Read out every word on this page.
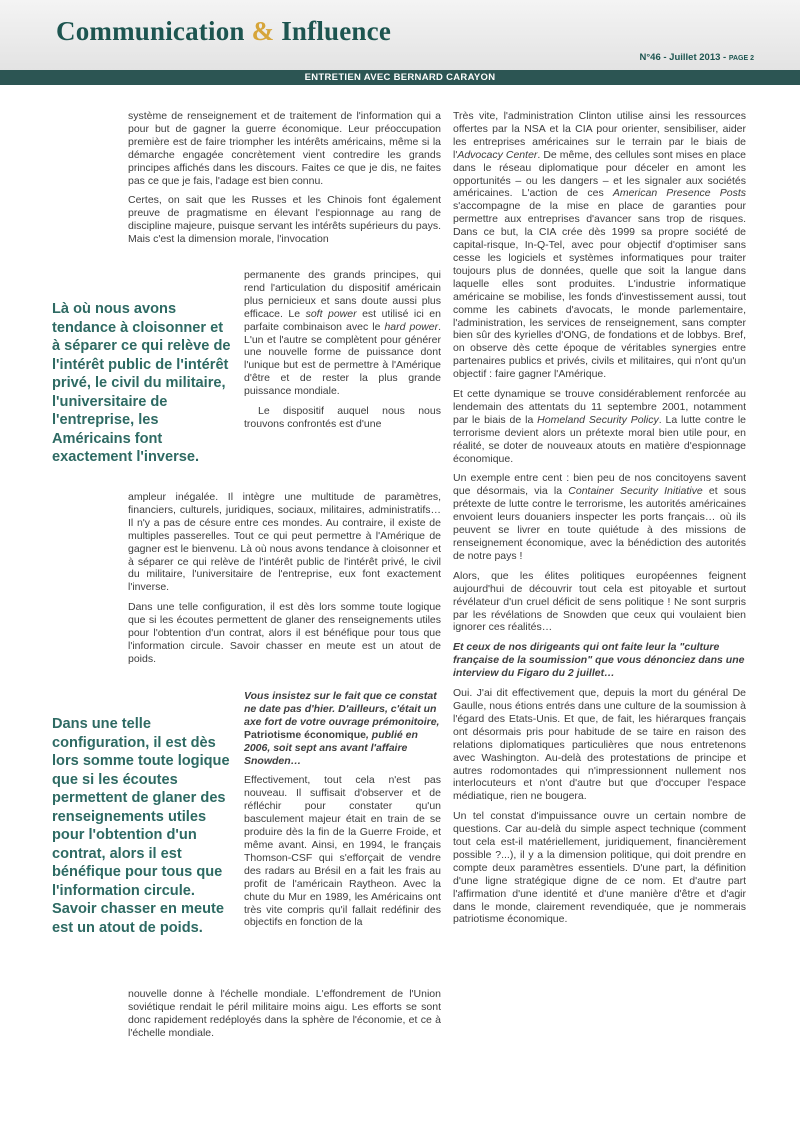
Communication & Influence
N°46 - Juillet 2013 - PAGE 2
ENTRETIEN AVEC BERNARD CARAYON

Là où nous avons tendance à cloisonner et à séparer ce qui relève de l'intérêt public de l'intérêt privé, le civil du militaire, l'universitaire de l'entreprise, les Américains font exactement l'inverse.

Dans une telle configuration, il est dès lors somme toute logique que si les écoutes permettent de glaner des renseignements utiles pour l'obtention d'un contrat, alors il est bénéfique pour tous que l'information circule. Savoir chasser en meute est un atout de poids.

système de renseignement et de traitement de l'information qui a pour but de gagner la guerre économique. Leur préoccupation première est de faire triompher les intérêts américains, même si la démarche engagée concrètement vient contredire les grands principes affichés dans les discours. Faites ce que je dis, ne faites pas ce que je fais, l'adage est bien connu.

Certes, on sait que les Russes et les Chinois font également preuve de pragmatisme en élevant l'espionnage au rang de discipline majeure, puisque servant les intérêts supérieurs du pays. Mais c'est la dimension morale, l'invocation

permanente des grands principes, qui rend l'articulation du dispositif américain plus pernicieux et sans doute aussi plus efficace. Le soft power est utilisé ici en parfaite combinaison avec le hard power. L'un et l'autre se complètent pour générer une nouvelle forme de puissance dont l'unique but est de permettre à l'Amérique d'être et de rester la plus grande puissance mondiale.

Le dispositif auquel nous nous trouvons confrontés est d'une

ampleur inégalée. Il intègre une multitude de paramètres, financiers, culturels, juridiques, sociaux, militaires, administratifs… Il n'y a pas de césure entre ces mondes. Au contraire, il existe de multiples passerelles. Tout ce qui peut permettre à l'Amérique de gagner est le bienvenu. Là où nous avons tendance à cloisonner et à séparer ce qui relève de l'intérêt public de l'intérêt privé, le civil du militaire, l'universitaire de l'entreprise, eux font exactement l'inverse.

Dans une telle configuration, il est dès lors somme toute logique que si les écoutes permettent de glaner des renseignements utiles pour l'obtention d'un contrat, alors il est bénéfique pour tous que l'information circule. Savoir chasser en meute est un atout de poids.

Vous insistez sur le fait que ce constat ne date pas d'hier. D'ailleurs, c'était un axe fort de votre ouvrage prémonitoire, Patriotisme économique, publié en 2006, soit sept ans avant l'affaire Snowden…

Effectivement, tout cela n'est pas nouveau. Il suffisait d'observer et de réfléchir pour constater qu'un basculement majeur était en train de se produire dès la fin de la Guerre Froide, et même avant. Ainsi, en 1994, le français Thomson-CSF qui s'efforçait de vendre des radars au Brésil en a fait les frais au profit de l'américain Raytheon. Avec la chute du Mur en 1989, les Américains ont très vite compris qu'il fallait redéfinir des objectifs en fonction de la

nouvelle donne à l'échelle mondiale. L'effondrement de l'Union soviétique rendait le péril militaire moins aigu. Les efforts se sont donc rapidement redéployés dans la sphère de l'économie, et ce à l'échelle mondiale.

Très vite, l'administration Clinton utilise ainsi les ressources offertes par la NSA et la CIA pour orienter, sensibiliser, aider les entreprises américaines sur le terrain par le biais de l'Advocacy Center. De même, des cellules sont mises en place dans le réseau diplomatique pour déceler en amont les opportunités – ou les dangers – et les signaler aux sociétés américaines. L'action de ces American Presence Posts s'accompagne de la mise en place de garanties pour permettre aux entreprises d'avancer sans trop de risques. Dans ce but, la CIA crée dès 1999 sa propre société de capital-risque, In-Q-Tel, avec pour objectif d'optimiser sans cesse les logiciels et systèmes informatiques pour traiter toujours plus de données, quelle que soit la langue dans laquelle elles sont produites. L'industrie informatique américaine se mobilise, les fonds d'investissement aussi, tout comme les cabinets d'avocats, le monde parlementaire, l'administration, les services de renseignement, sans compter bien sûr des kyrielles d'ONG, de fondations et de lobbys. Bref, on observe dès cette époque de véritables synergies entre partenaires publics et privés, civils et militaires, qui n'ont qu'un objectif : faire gagner l'Amérique.

Et cette dynamique se trouve considérablement renforcée au lendemain des attentats du 11 septembre 2001, notamment par le biais de la Homeland Security Policy. La lutte contre le terrorisme devient alors un prétexte moral bien utile pour, en réalité, se doter de nouveaux atouts en matière d'espionnage économique.

Un exemple entre cent : bien peu de nos concitoyens savent que désormais, via la Container Security Initiative et sous prétexte de lutte contre le terrorisme, les autorités américaines envoient leurs douaniers inspecter les ports français… où ils peuvent se livrer en toute quiétude à des missions de renseignement économique, avec la bénédiction des autorités de notre pays !

Alors, que les élites politiques européennes feignent aujourd'hui de découvrir tout cela est pitoyable et surtout révélateur d'un cruel déficit de sens politique ! Ne sont surpris par les révélations de Snowden que ceux qui voulaient bien ignorer ces réalités…

Et ceux de nos dirigeants qui ont faite leur la "culture française de la soumission" que vous dénonciez dans une interview du Figaro du 2 juillet…

Oui. J'ai dit effectivement que, depuis la mort du général De Gaulle, nous étions entrés dans une culture de la soumission à l'égard des Etats-Unis. Et que, de fait, les hiérarques français ont désormais pris pour habitude de se taire en raison des relations diplomatiques particulières que nous entretenons avec Washington. Au-delà des protestations de principe et autres rodomontades qui n'impressionnent nullement nos interlocuteurs et n'ont d'autre but que d'occuper l'espace médiatique, rien ne bougera.

Un tel constat d'impuissance ouvre un certain nombre de questions. Car au-delà du simple aspect technique (comment tout cela est-il matériellement, juridiquement, financièrement possible ?...), il y a la dimension politique, qui doit prendre en compte deux paramètres essentiels. D'une part, la définition d'une ligne stratégique digne de ce nom. Et d'autre part l'affirmation d'une identité et d'une manière d'être et d'agir dans le monde, clairement revendiquée, que je nommerais patriotisme économique.
